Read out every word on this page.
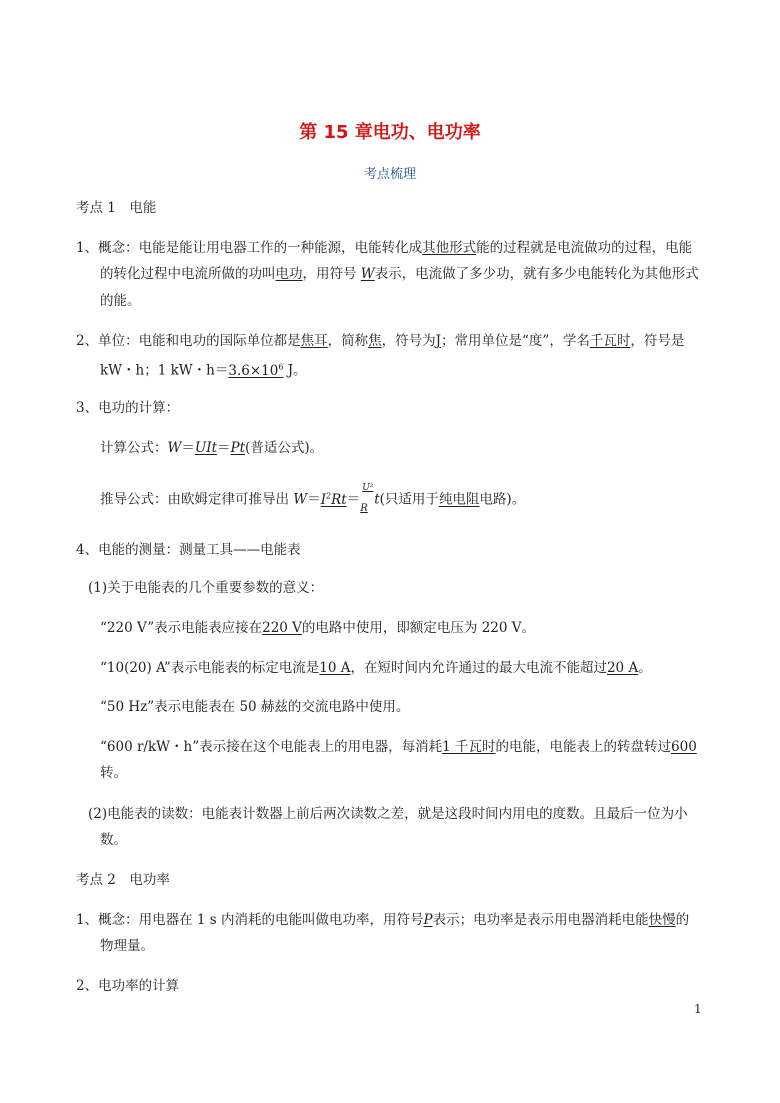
第 15 章电功、电功率
考点梳理
考点 1　电能
1、概念：电能是能让用电器工作的一种能源，电能转化成其他形式能的过程就是电流做功的过程，电能
的转化过程中电流所做的功叫电功，用符号 W表示，电流做了多少功，就有多少电能转化为其他形式
的能。
2、单位：电能和电功的国际单位都是焦耳，简称焦，符号为J；常用单位是“度”，学名千瓦时，符号是
kW・h；1 kW・$h=3.6\times 10^6$ J。
3、电功的计算：
计算公式：W＝UIt＝Pt(普适公式)。
推导公式：由欧姆定律可推导出 $W=I^2Rt= \frac{\text{U²}}{R} t$(只适用于纯电阻电路)。
4、电能的测量：测量工具——电能表
(1)关于电能表的几个重要参数的意义：
“220 V”表示电能表应接在220 V的电路中使用，即额定电压为 220 V。
“10(20) A”表示电能表的标定电流是10 A，在短时间内允许通过的最大电流不能超过20 A。
“50 Hz”表示电能表在 50 赫兹的交流电路中使用。
“600 r/kW・h”表示接在这个电能表上的用电器，每消耗1 千瓦时的电能，电能表上的转盘转过600
转。
(2)电能表的读数：电能表计数器上前后两次读数之差，就是这段时间内用电的度数。且最后一位为小
数。
考点 2　电功率
1、概念：用电器在 1 s 内消耗的电能叫做电功率，用符号P表示；电功率是表示用电器消耗电能快慢的
物理量。
2、电功率的计算
1
